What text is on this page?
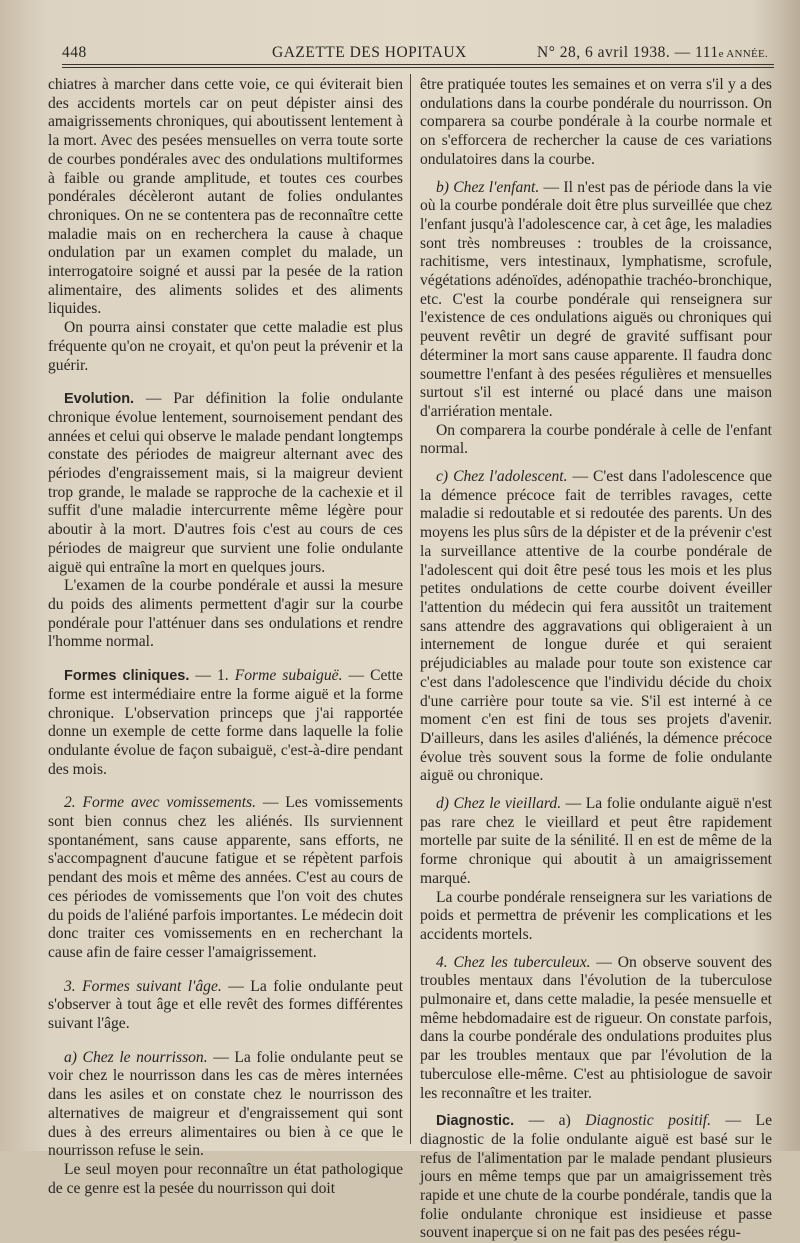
448	GAZETTE DES HOPITAUX	N° 28, 6 avril 1938. — 111e ANNÉE.

chiatres à marcher dans cette voie, ce qui éviterait bien des accidents mortels car on peut dépister ainsi des amaigrissements chroniques, qui aboutissent lentement à la mort. Avec des pesées mensuelles on verra toute sorte de courbes pondérales avec des ondulations multiformes à faible ou grande amplitude, et toutes ces courbes pondérales décèleront autant de folies ondulantes chroniques. On ne se contentera pas de reconnaître cette maladie mais on en recherchera la cause à chaque ondulation par un examen complet du malade, un interrogatoire soigné et aussi par la pesée de la ration alimentaire, des aliments solides et des aliments liquides.

On pourra ainsi constater que cette maladie est plus fréquente qu'on ne croyait, et qu'on peut la prévenir et la guérir.

Evolution. — Par définition la folie ondulante chronique évolue lentement, sournoisement pendant des années et celui qui observe le malade pendant longtemps constate des périodes de maigreur alternant avec des périodes d'engraissement mais, si la maigreur devient trop grande, le malade se rapproche de la cachexie et il suffit d'une maladie intercurrente même légère pour aboutir à la mort. D'autres fois c'est au cours de ces périodes de maigreur que survient une folie ondulante aiguë qui entraîne la mort en quelques jours.

L'examen de la courbe pondérale et aussi la mesure du poids des aliments permettent d'agir sur la courbe pondérale pour l'atténuer dans ses ondulations et rendre l'homme normal.

Formes cliniques. — 1. Forme subaiguë. — Cette forme est intermédiaire entre la forme aiguë et la forme chronique. L'observation princeps que j'ai rapportée donne un exemple de cette forme dans laquelle la folie ondulante évolue de façon subaiguë, c'est-à-dire pendant des mois.

2. Forme avec vomissements. — Les vomissements sont bien connus chez les aliénés. Ils surviennent spontanément, sans cause apparente, sans efforts, ne s'accompagnent d'aucune fatigue et se répètent parfois pendant des mois et même des années. C'est au cours de ces périodes de vomissements que l'on voit des chutes du poids de l'aliéné parfois importantes. Le médecin doit donc traiter ces vomissements en en recherchant la cause afin de faire cesser l'amaigrissement.

3. Formes suivant l'âge. — La folie ondulante peut s'observer à tout âge et elle revêt des formes différentes suivant l'âge.

a) Chez le nourrisson. — La folie ondulante peut se voir chez le nourrisson dans les cas de mères internées dans les asiles et on constate chez le nourrisson des alternatives de maigreur et d'engraissement qui sont dues à des erreurs alimentaires ou bien à ce que le nourrisson refuse le sein.

Le seul moyen pour reconnaître un état pathologique de ce genre est la pesée du nourrisson qui doit

être pratiquée toutes les semaines et on verra s'il y a des ondulations dans la courbe pondérale du nourrisson. On comparera sa courbe pondérale à la courbe normale et on s'efforcera de rechercher la cause de ces variations ondulatoires dans la courbe.

b) Chez l'enfant. — Il n'est pas de période dans la vie où la courbe pondérale doit être plus surveillée que chez l'enfant jusqu'à l'adolescence car, à cet âge, les maladies sont très nombreuses : troubles de la croissance, rachitisme, vers intestinaux, lymphatisme, scrofule, végétations adénoïdes, adénopathie trachéo-bronchique, etc. C'est la courbe pondérale qui renseignera sur l'existence de ces ondulations aiguës ou chroniques qui peuvent revêtir un degré de gravité suffisant pour déterminer la mort sans cause apparente. Il faudra donc soumettre l'enfant à des pesées régulières et mensuelles surtout s'il est interné ou placé dans une maison d'arriération mentale.

On comparera la courbe pondérale à celle de l'enfant normal.

c) Chez l'adolescent. — C'est dans l'adolescence que la démence précoce fait de terribles ravages, cette maladie si redoutable et si redoutée des parents. Un des moyens les plus sûrs de la dépister et de la prévenir c'est la surveillance attentive de la courbe pondérale de l'adolescent qui doit être pesé tous les mois et les plus petites ondulations de cette courbe doivent éveiller l'attention du médecin qui fera aussitôt un traitement sans attendre des aggravations qui obligeraient à un internement de longue durée et qui seraient préjudiciables au malade pour toute son existence car c'est dans l'adolescence que l'individu décide du choix d'une carrière pour toute sa vie. S'il est interné à ce moment c'en est fini de tous ses projets d'avenir. D'ailleurs, dans les asiles d'aliénés, la démence précoce évolue très souvent sous la forme de folie ondulante aiguë ou chronique.

d) Chez le vieillard. — La folie ondulante aiguë n'est pas rare chez le vieillard et peut être rapidement mortelle par suite de la sénilité. Il en est de même de la forme chronique qui aboutit à un amaigrissement marqué.

La courbe pondérale renseignera sur les variations de poids et permettra de prévenir les complications et les accidents mortels.

4. Chez les tuberculeux. — On observe souvent des troubles mentaux dans l'évolution de la tuberculose pulmonaire et, dans cette maladie, la pesée mensuelle et même hebdomadaire est de rigueur. On constate parfois, dans la courbe pondérale des ondulations produites plus par les troubles mentaux que par l'évolution de la tuberculose elle-même. C'est au phtisiologue de savoir les reconnaître et les traiter.

Diagnostic. — a) Diagnostic positif. — Le diagnostic de la folie ondulante aiguë est basé sur le refus de l'alimentation par le malade pendant plusieurs jours en même temps que par un amaigrissement très rapide et une chute de la courbe pondérale, tandis que la folie ondulante chronique est insidieuse et passe souvent inaperçue si on ne fait pas des pesées régu-
